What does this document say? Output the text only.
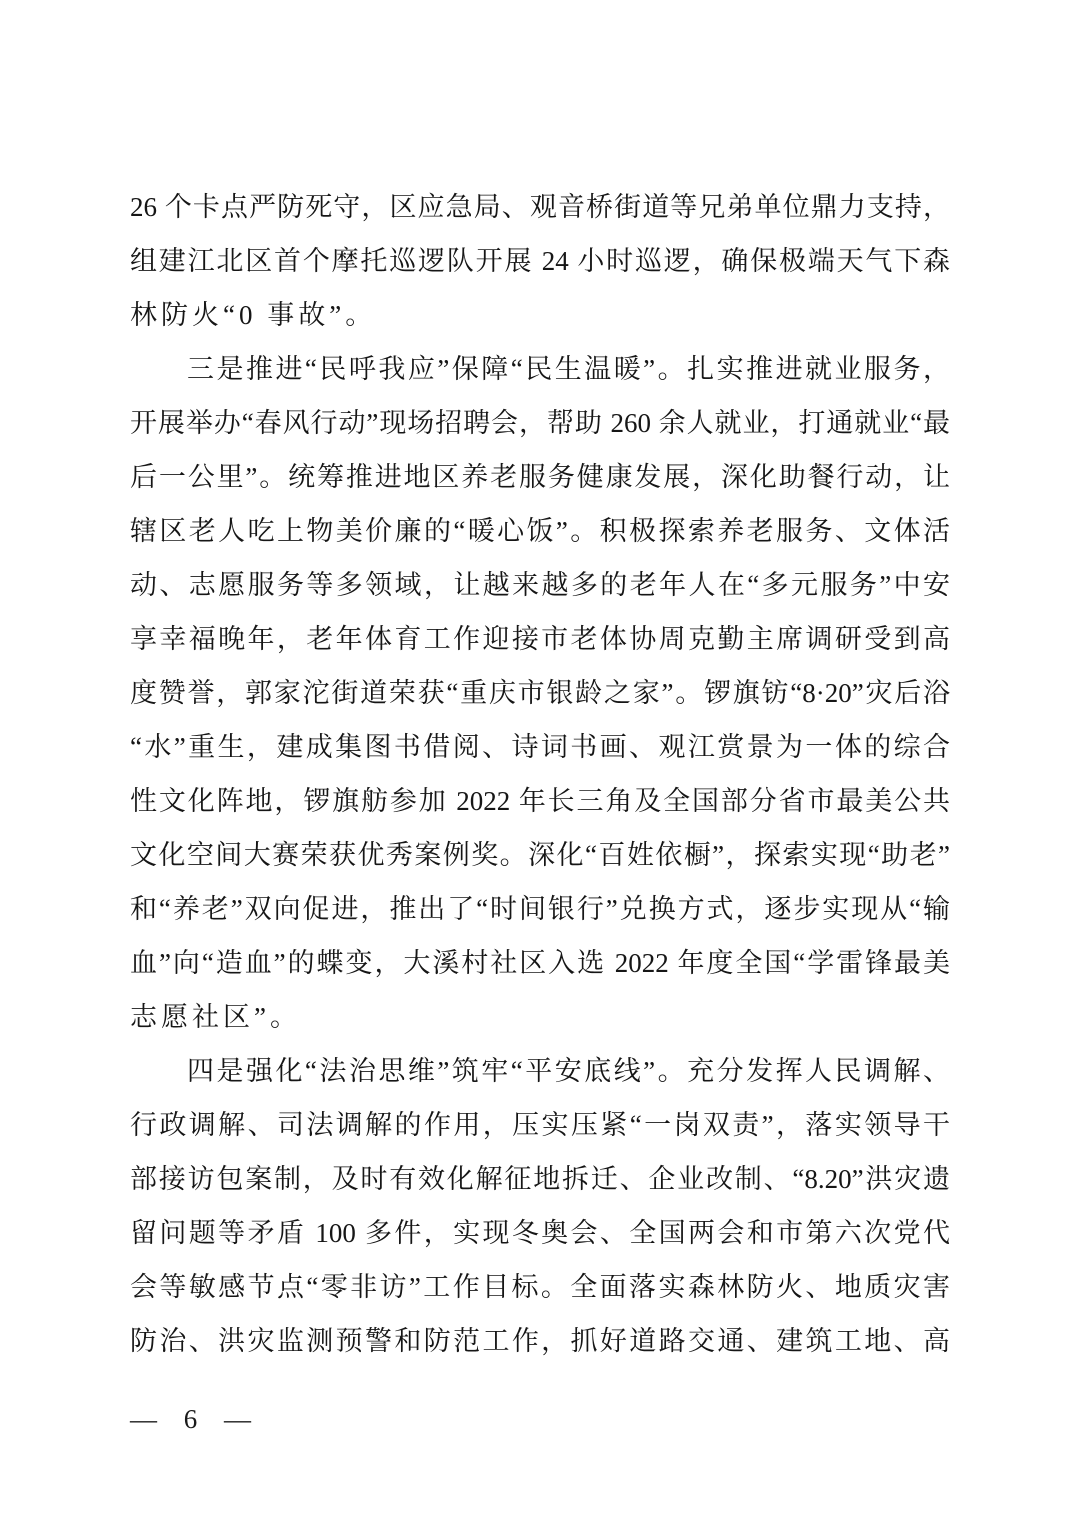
26 个卡点严防死守，区应急局、观音桥街道等兄弟单位鼎力支持，

组建江北区首个摩托巡逻队开展 24 小时巡逻，确保极端天气下森

林防火“0 事故”。

三是推进“民呼我应”保障“民生温暖”。扎实推进就业服务，

开展举办“春风行动”现场招聘会，帮助 260 余人就业，打通就业“最

后一公里”。统筹推进地区养老服务健康发展，深化助餐行动，让

辖区老人吃上物美价廉的“暖心饭”。积极探索养老服务、文体活

动、志愿服务等多领域，让越来越多的老年人在“多元服务”中安

享幸福晚年，老年体育工作迎接市老体协周克勤主席调研受到高

度赞誉，郭家沱街道荣获“重庆市银龄之家”。锣旗钫“8·20”灾后浴

“水”重生，建成集图书借阅、诗词书画、观江赏景为一体的综合

性文化阵地，锣旗舫参加 2022 年长三角及全国部分省市最美公共

文化空间大赛荣获优秀案例奖。深化“百姓依橱”，探索实现“助老”

和“养老”双向促进，推出了“时间银行”兑换方式，逐步实现从“输

血”向“造血”的蝶变，大溪村社区入选 2022 年度全国“学雷锋最美

志愿社区”。

四是强化“法治思维”筑牢“平安底线”。充分发挥人民调解、

行政调解、司法调解的作用，压实压紧“一岗双责”，落实领导干

部接访包案制，及时有效化解征地拆迁、企业改制、“8.20”洪灾遗

留问题等矛盾 100 多件，实现冬奥会、全国两会和市第六次党代

会等敏感节点“零非访”工作目标。全面落实森林防火、地质灾害

防治、洪灾监测预警和防范工作，抓好道路交通、建筑工地、高

— 6 —
